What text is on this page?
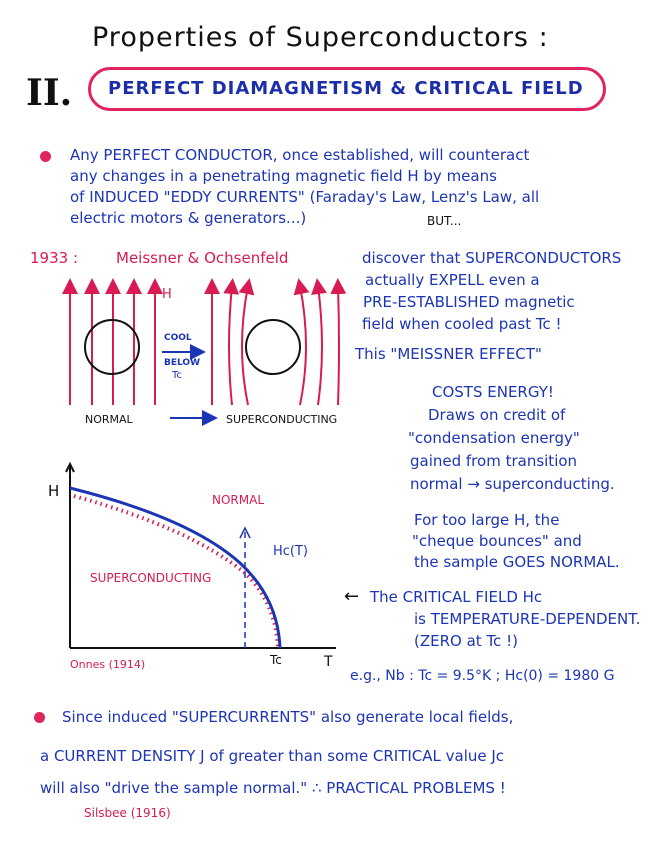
Properties of Superconductors :
II. PERFECT DIAMAGNETISM & CRITICAL FIELD
Any PERFECT CONDUCTOR, once established, will counteract
any changes in a penetrating magnetic field H by means
of INDUCED "EDDY CURRENTS" (Faraday's Law, Lenz's Law, all
electric motors & generators...)	BUT...
1933 :	Meissner & Ochsenfeld	discover that SUPERCONDUCTORS
actually EXPELL even a
PRE-ESTABLISHED magnetic
field when cooled past Tc !
H
COOL
BELOW
Tc
NORMAL	SUPERCONDUCTING
This "MEISSNER EFFECT"
COSTS ENERGY!
Draws on credit of
"condensation energy"
gained from transition
normal → superconducting.
For too large H, the
"cheque bounces" and
the sample GOES NORMAL.
H
T
NORMAL
SUPERCONDUCTING
Hc(T)
Tc
Onnes (1914)
← The CRITICAL FIELD Hc
is TEMPERATURE-DEPENDENT.
(ZERO at Tc !)
e.g., Nb : Tc = 9.5°K ; Hc(0) = 1980 G
Since induced "SUPERCURRENTS" also generate local fields,
a CURRENT DENSITY J of greater than some CRITICAL value Jc
will also "drive the sample normal." ∴ PRACTICAL PROBLEMS !
Silsbee (1916)
